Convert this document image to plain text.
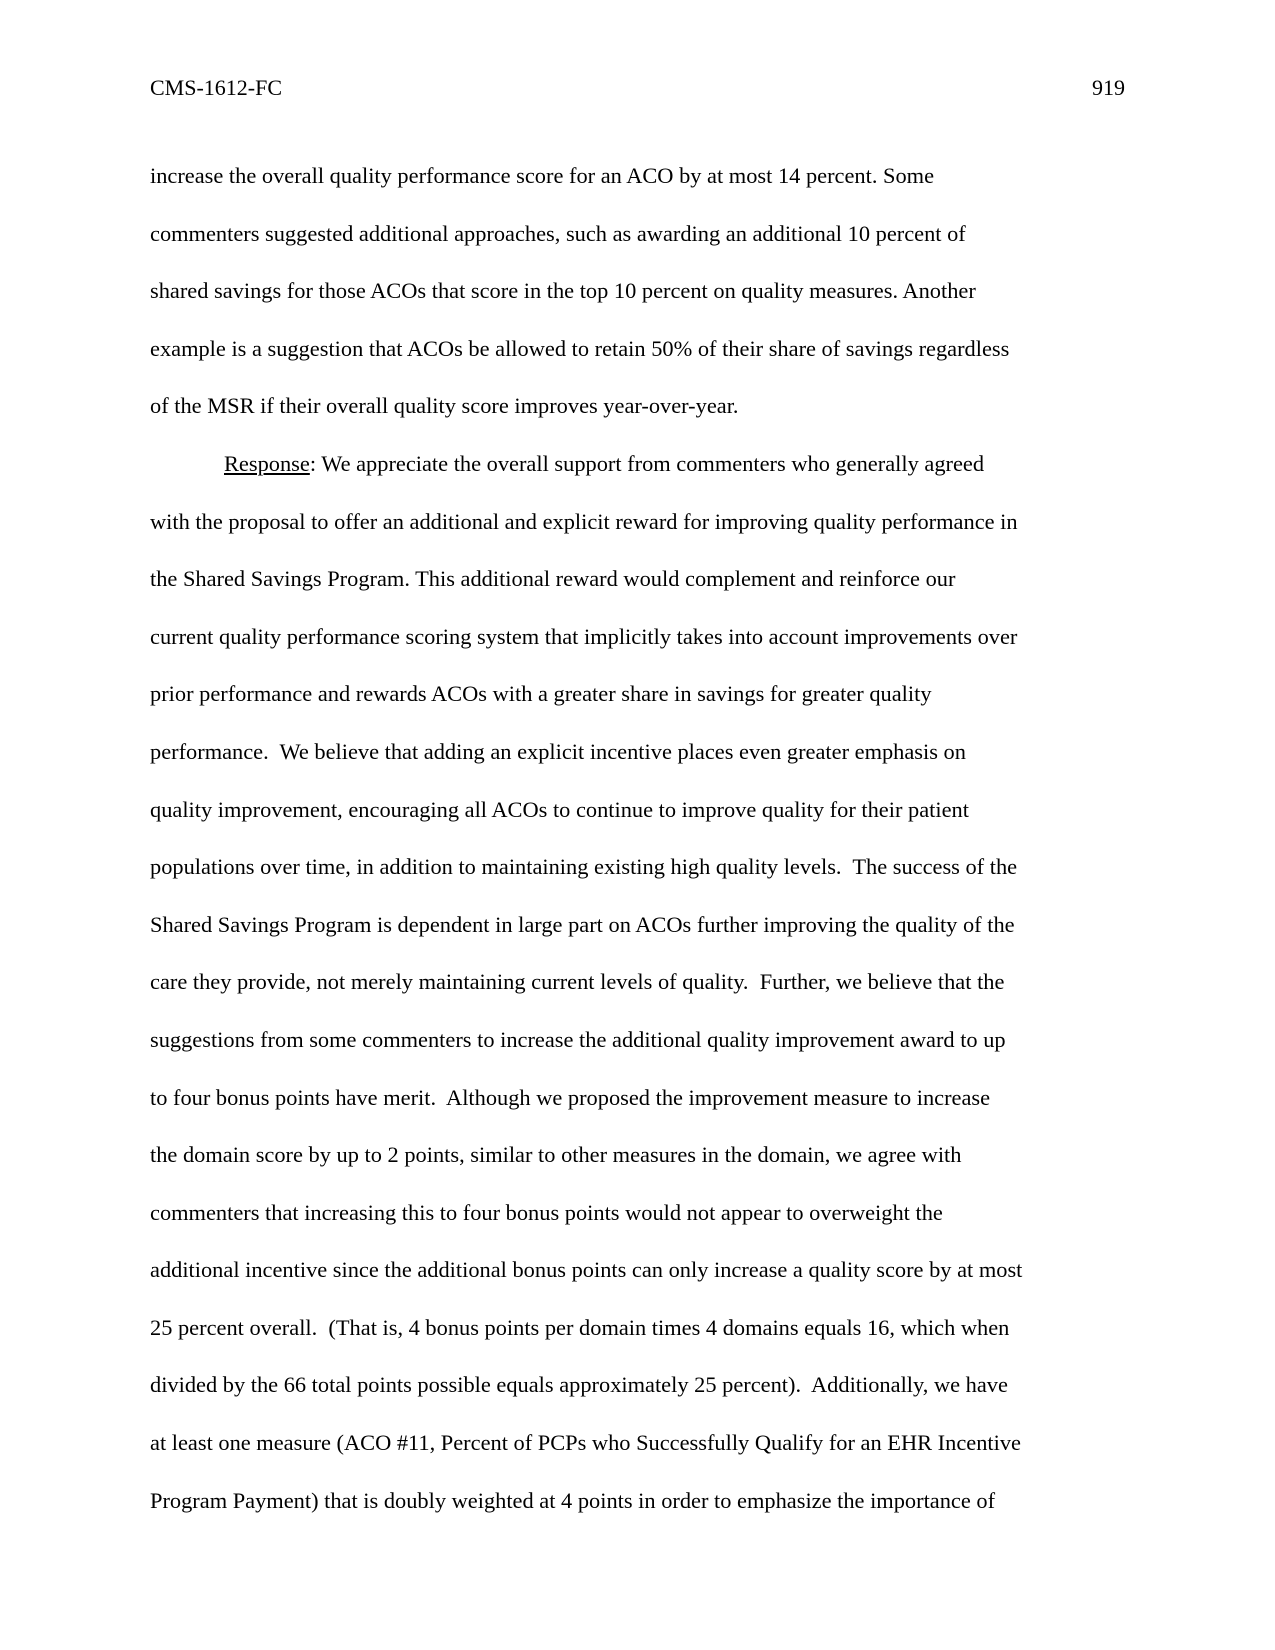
CMS-1612-FC	919
increase the overall quality performance score for an ACO by at most 14 percent. Some
commenters suggested additional approaches, such as awarding an additional 10 percent of
shared savings for those ACOs that score in the top 10 percent on quality measures. Another
example is a suggestion that ACOs be allowed to retain 50% of their share of savings regardless
of the MSR if their overall quality score improves year-over-year.
Response: We appreciate the overall support from commenters who generally agreed
with the proposal to offer an additional and explicit reward for improving quality performance in
the Shared Savings Program. This additional reward would complement and reinforce our
current quality performance scoring system that implicitly takes into account improvements over
prior performance and rewards ACOs with a greater share in savings for greater quality
performance.  We believe that adding an explicit incentive places even greater emphasis on
quality improvement, encouraging all ACOs to continue to improve quality for their patient
populations over time, in addition to maintaining existing high quality levels.  The success of the
Shared Savings Program is dependent in large part on ACOs further improving the quality of the
care they provide, not merely maintaining current levels of quality.  Further, we believe that the
suggestions from some commenters to increase the additional quality improvement award to up
to four bonus points have merit.  Although we proposed the improvement measure to increase
the domain score by up to 2 points, similar to other measures in the domain, we agree with
commenters that increasing this to four bonus points would not appear to overweight the
additional incentive since the additional bonus points can only increase a quality score by at most
25 percent overall.  (That is, 4 bonus points per domain times 4 domains equals 16, which when
divided by the 66 total points possible equals approximately 25 percent).  Additionally, we have
at least one measure (ACO #11, Percent of PCPs who Successfully Qualify for an EHR Incentive
Program Payment) that is doubly weighted at 4 points in order to emphasize the importance of
